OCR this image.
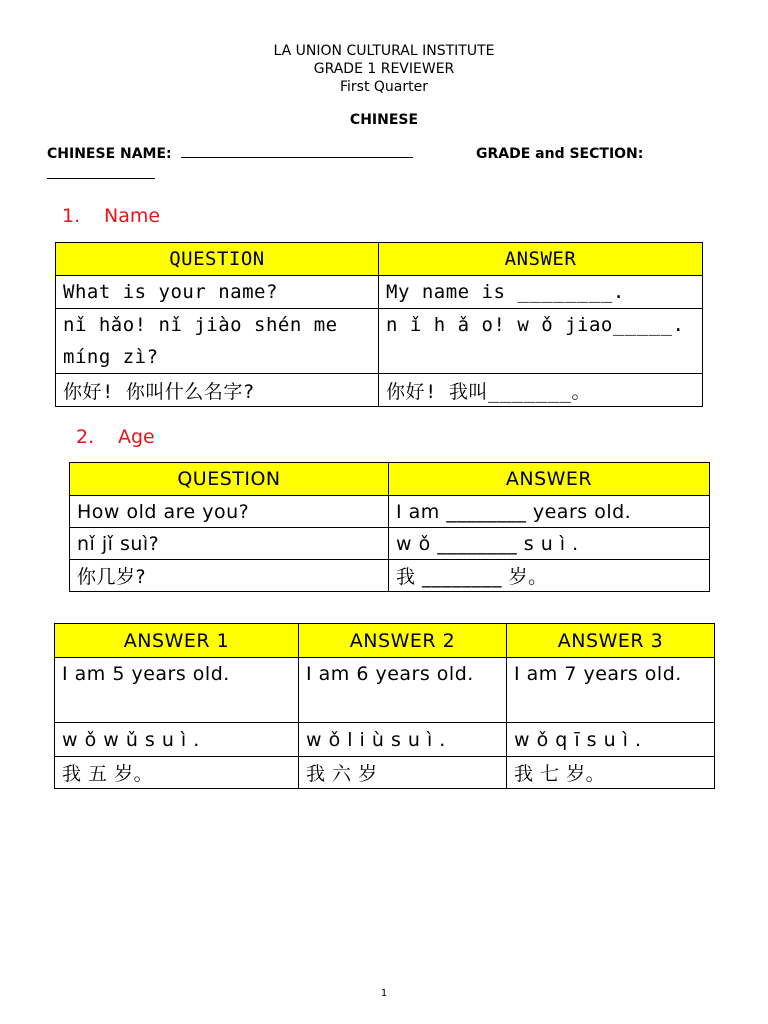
LA UNION CULTURAL INSTITUTE
GRADE 1 REVIEWER
First Quarter
CHINESE
CHINESE NAME:	GRADE and SECTION:
1. Name
QUESTION	ANSWER
What is your name?	My name is ________.
nǐ hǎo! nǐ jiào shén me míng zì?	n ǐ h ǎ o! w ǒ jiao_____.
你好! 你叫什么名字?	你好! 我叫_______。
2. Age
QUESTION	ANSWER
How old are you?	I am ________ years old.
nǐ jǐ suì?	w ǒ ________ s u ì .
你几岁?	我 ________ 岁。
ANSWER 1	ANSWER 2	ANSWER 3
I am 5 years old.	I am 6 years old.	I am 7 years old.
w ǒ w ǔ s u ì .	w ǒ l i ù s u ì .	w ǒ q ī s u ì .
我 五 岁。	我 六 岁	我 七 岁。
1
